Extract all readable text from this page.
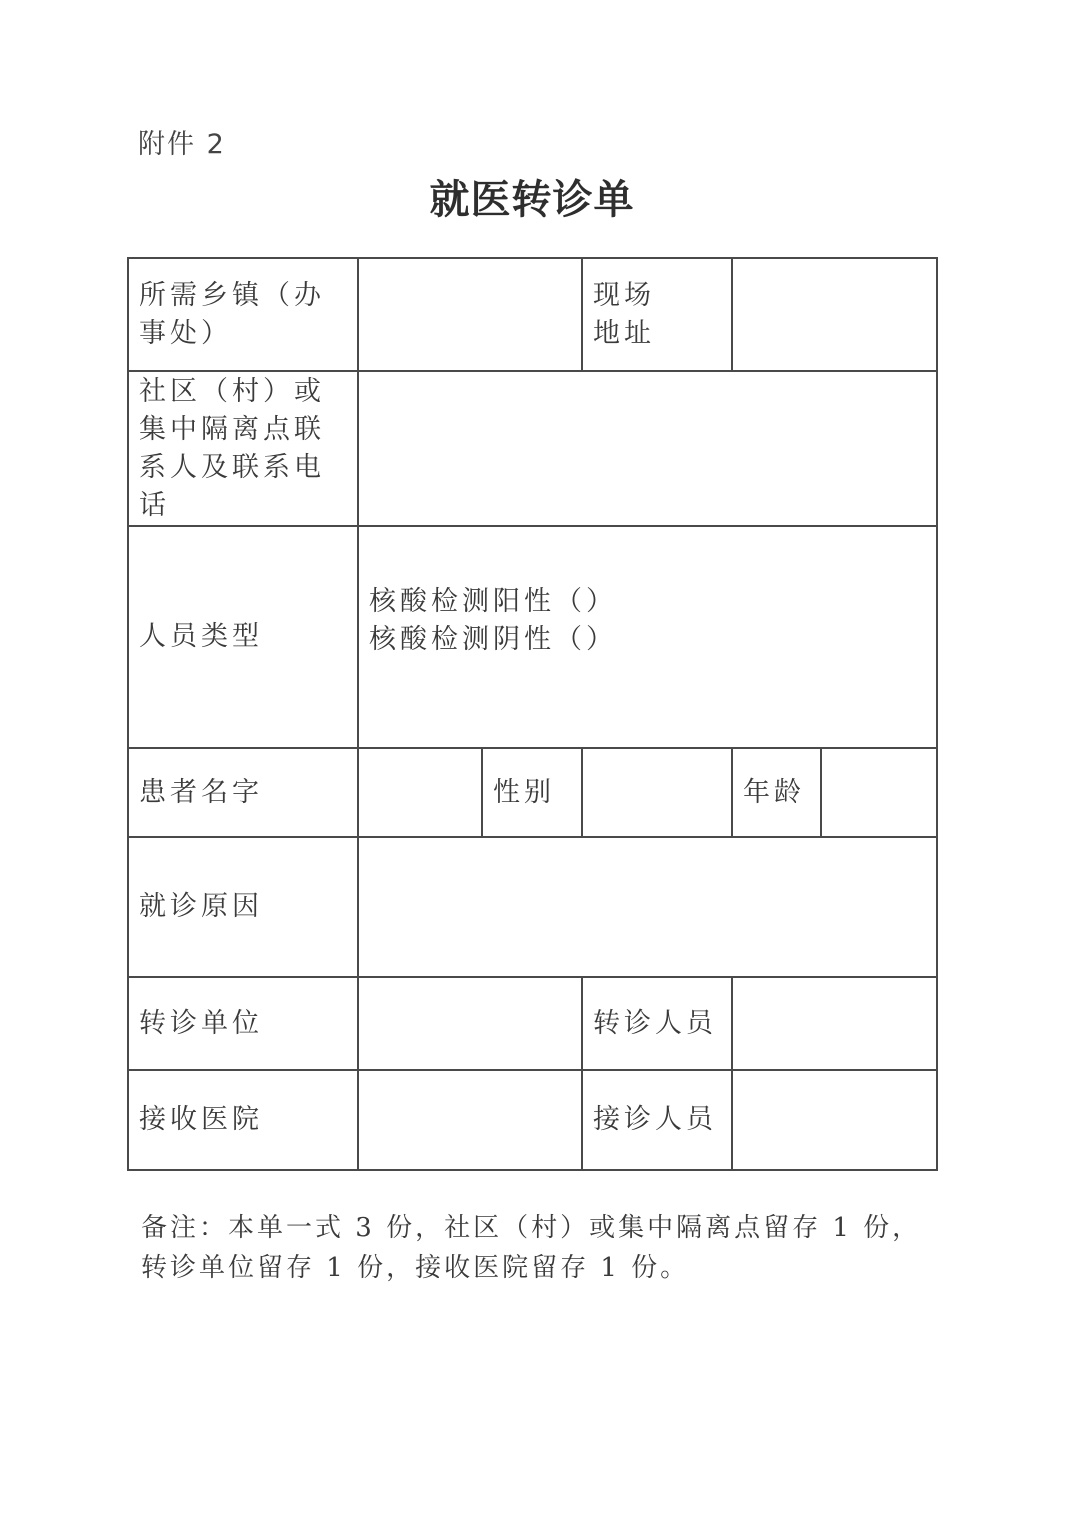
附件 2
就医转诊单
所需乡镇（办事处）			现场地址		

社区（村）或集中隔离点联系人及联系电话					
人员类型	核酸检测阳性（）
核酸检测阴性（）				

患者名字		性别		年龄	
就诊原因					
转诊单位			转诊人员		
接收医院			接诊人员		
备注：本单一式 3 份，社区（村）或集中隔离点留存 1 份，转诊单位留存 1 份，接收医院留存 1 份。
